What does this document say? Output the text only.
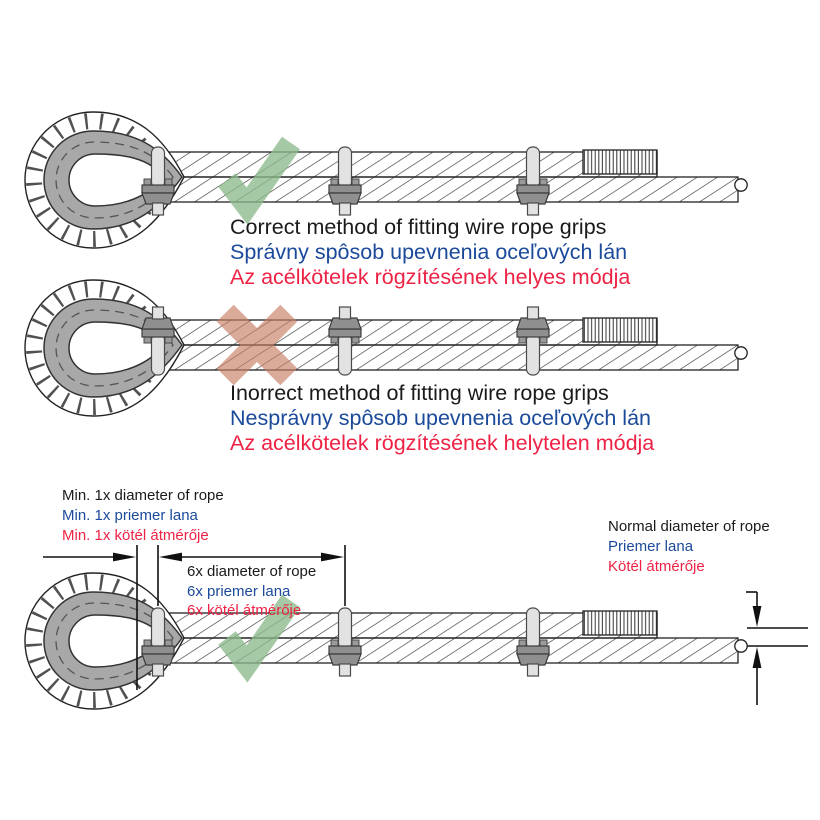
Correct method of fitting wire rope grips
Správny spôsob upevnenia oceľových lán
Az acélkötelek rögzítésének helyes módja
Inorrect method of fitting wire rope grips
Nesprávny spôsob upevnenia oceľových lán
Az acélkötelek rögzítésének helytelen módja
Min. 1x diameter of rope
Min. 1x priemer lana
Min. 1x kötél átmérője
6x diameter of rope
6x priemer lana
6x kötél átmérője
Normal diameter of rope
Priemer lana
Kötél átmérője
